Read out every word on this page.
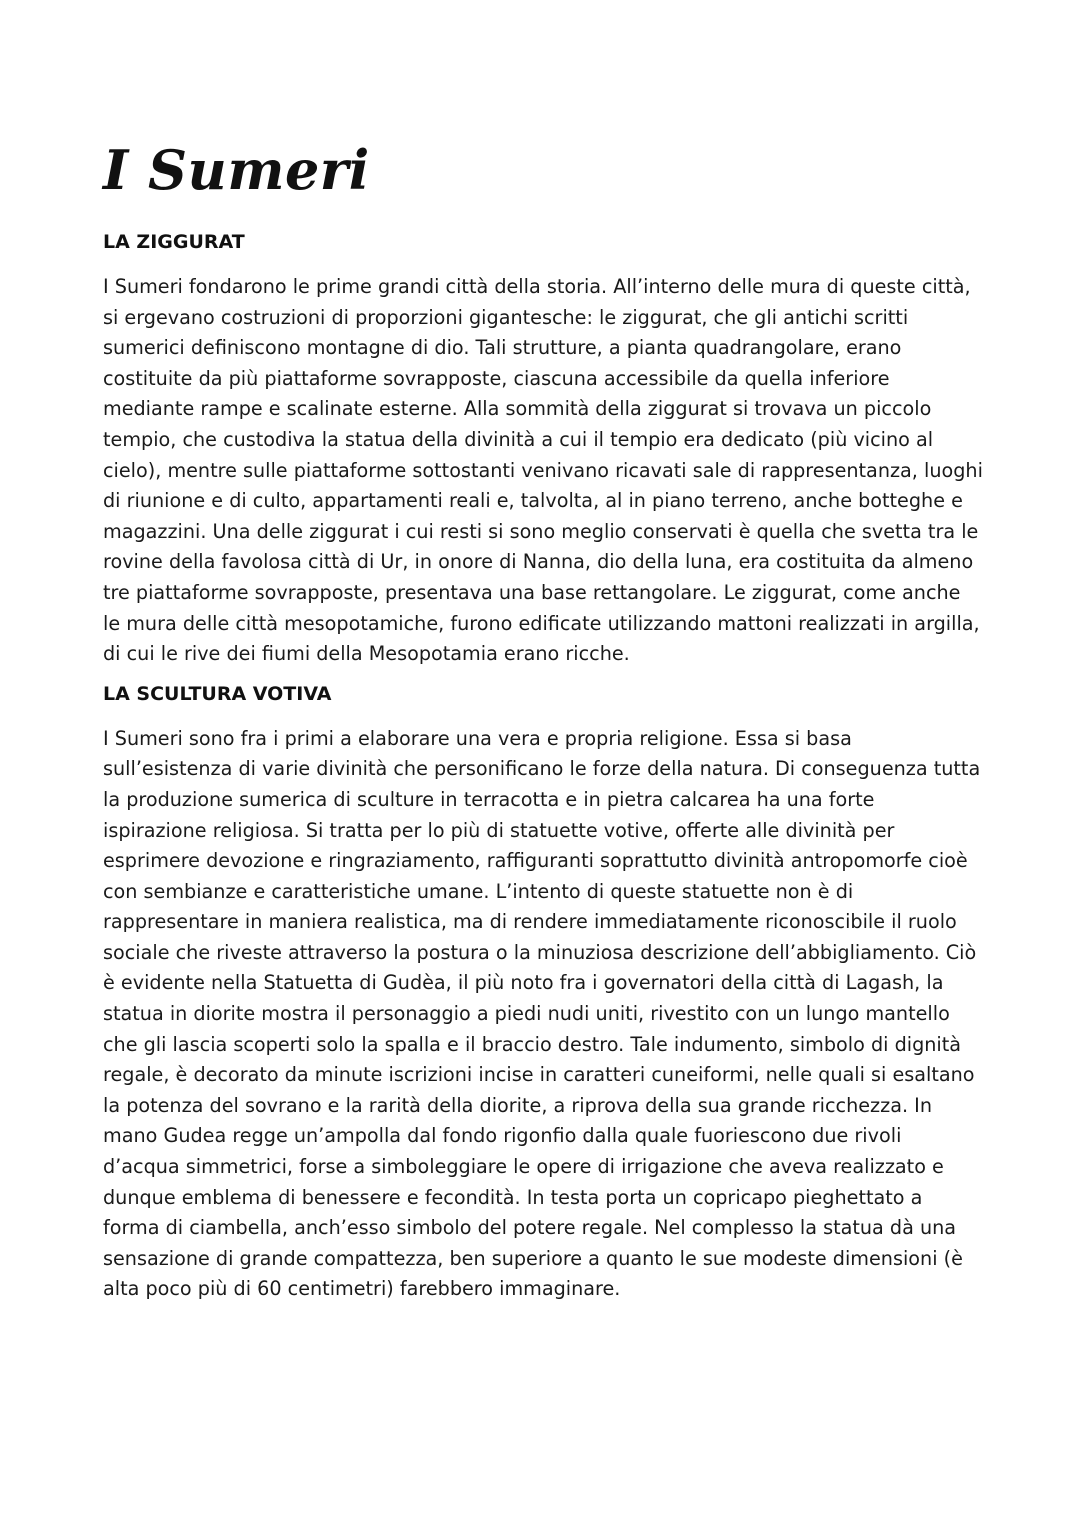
I Sumeri
LA ZIGGURAT

I Sumeri fondarono le prime grandi città della storia. All’interno delle mura di queste città, si ergevano costruzioni di proporzioni gigantesche: le ziggurat, che gli antichi scritti sumerici definiscono montagne di dio. Tali strutture, a pianta quadrangolare, erano costituite da più piattaforme sovrapposte, ciascuna accessibile da quella inferiore mediante rampe e scalinate esterne. Alla sommità della ziggurat si trovava un piccolo tempio, che custodiva la statua della divinità a cui il tempio era dedicato (più vicino al cielo), mentre sulle piattaforme sottostanti venivano ricavati sale di rappresentanza, luoghi di riunione e di culto, appartamenti reali e, talvolta, al in piano terreno, anche botteghe e magazzini. Una delle ziggurat i cui resti si sono meglio conservati è quella che svetta tra le rovine della favolosa città di Ur, in onore di Nanna, dio della luna, era costituita da almeno tre piattaforme sovrapposte, presentava una base rettangolare. Le ziggurat, come anche le mura delle città mesopotamiche, furono edificate utilizzando mattoni realizzati in argilla, di cui le rive dei fiumi della Mesopotamia erano ricche.

LA SCULTURA VOTIVA

I Sumeri sono fra i primi a elaborare una vera e propria religione. Essa si basa sull’esistenza di varie divinità che personificano le forze della natura. Di conseguenza tutta la produzione sumerica di sculture in terracotta e in pietra calcarea ha una forte ispirazione religiosa. Si tratta per lo più di statuette votive, offerte alle divinità per esprimere devozione e ringraziamento, raffiguranti soprattutto divinità antropomorfe cioè con sembianze e caratteristiche umane. L’intento di queste statuette non è di rappresentare in maniera realistica, ma di rendere immediatamente riconoscibile il ruolo sociale che riveste attraverso la postura o la minuziosa descrizione dell’abbigliamento. Ciò è evidente nella Statuetta di Gudèa, il più noto fra i governatori della città di Lagash, la statua in diorite mostra il personaggio a piedi nudi uniti, rivestito con un lungo mantello che gli lascia scoperti solo la spalla e il braccio destro. Tale indumento, simbolo di dignità regale, è decorato da minute iscrizioni incise in caratteri cuneiformi, nelle quali si esaltano la potenza del sovrano e la rarità della diorite, a riprova della sua grande ricchezza. In mano Gudea regge un’ampolla dal fondo rigonfio dalla quale fuoriescono due rivoli d’acqua simmetrici, forse a simboleggiare le opere di irrigazione che aveva realizzato e dunque emblema di benessere e fecondità. In testa porta un copricapo pieghettato a forma di ciambella, anch’esso simbolo del potere regale. Nel complesso la statua dà una sensazione di grande compattezza, ben superiore a quanto le sue modeste dimensioni (è alta poco più di 60 centimetri) farebbero immaginare.
